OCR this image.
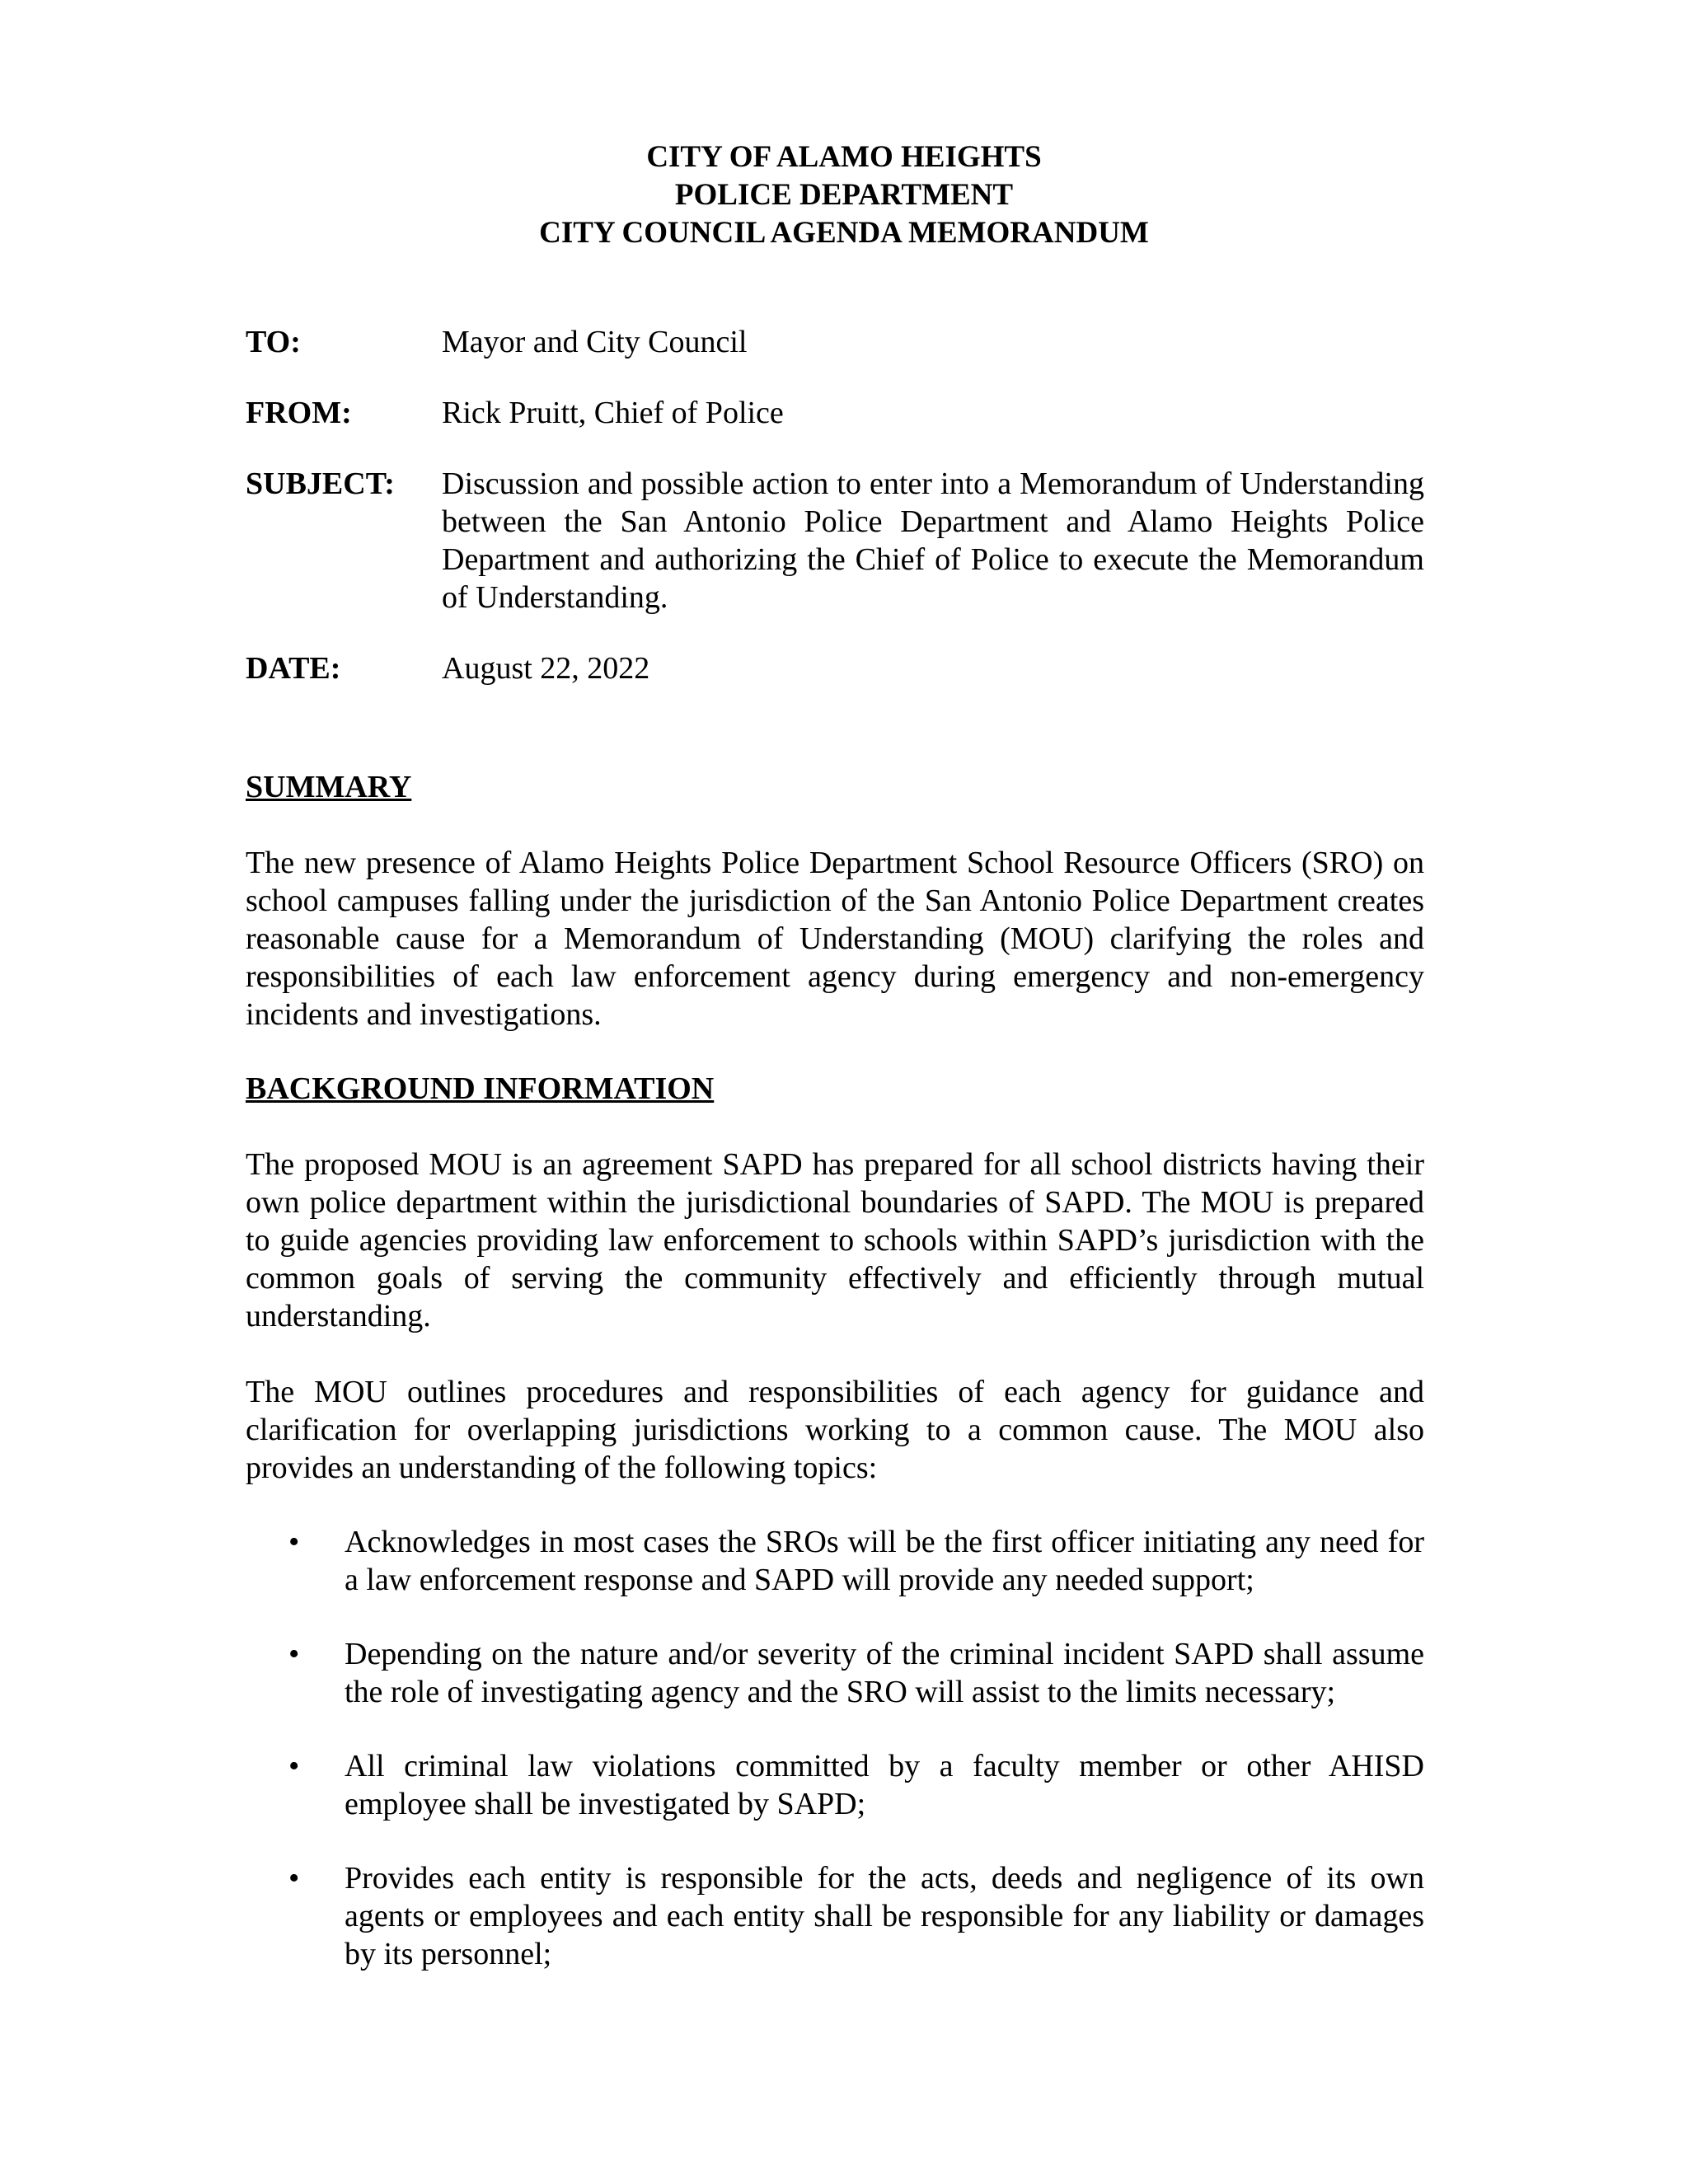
CITY OF ALAMO HEIGHTS
POLICE DEPARTMENT
CITY COUNCIL AGENDA MEMORANDUM
TO:	Mayor and City Council
FROM:	Rick Pruitt, Chief of Police
SUBJECT:	Discussion and possible action to enter into a Memorandum of Understanding between the San Antonio Police Department and Alamo Heights Police Department and authorizing the Chief of Police to execute the Memorandum of Understanding.
DATE:	August 22, 2022

SUMMARY

The new presence of Alamo Heights Police Department School Resource Officers (SRO) on school campuses falling under the jurisdiction of the San Antonio Police Department creates reasonable cause for a Memorandum of Understanding (MOU) clarifying the roles and responsibilities of each law enforcement agency during emergency and non-emergency incidents and investigations.

BACKGROUND INFORMATION

The proposed MOU is an agreement SAPD has prepared for all school districts having their own police department within the jurisdictional boundaries of SAPD. The MOU is prepared to guide agencies providing law enforcement to schools within SAPD’s jurisdiction with the common goals of serving the community effectively and efficiently through mutual understanding.

The MOU outlines procedures and responsibilities of each agency for guidance and clarification for overlapping jurisdictions working to a common cause. The MOU also provides an understanding of the following topics:

•	Acknowledges in most cases the SROs will be the first officer initiating any need for a law enforcement response and SAPD will provide any needed support;
•	Depending on the nature and/or severity of the criminal incident SAPD shall assume the role of investigating agency and the SRO will assist to the limits necessary;
•	All criminal law violations committed by a faculty member or other AHISD employee shall be investigated by SAPD;
•	Provides each entity is responsible for the acts, deeds and negligence of its own agents or employees and each entity shall be responsible for any liability or damages by its personnel;
